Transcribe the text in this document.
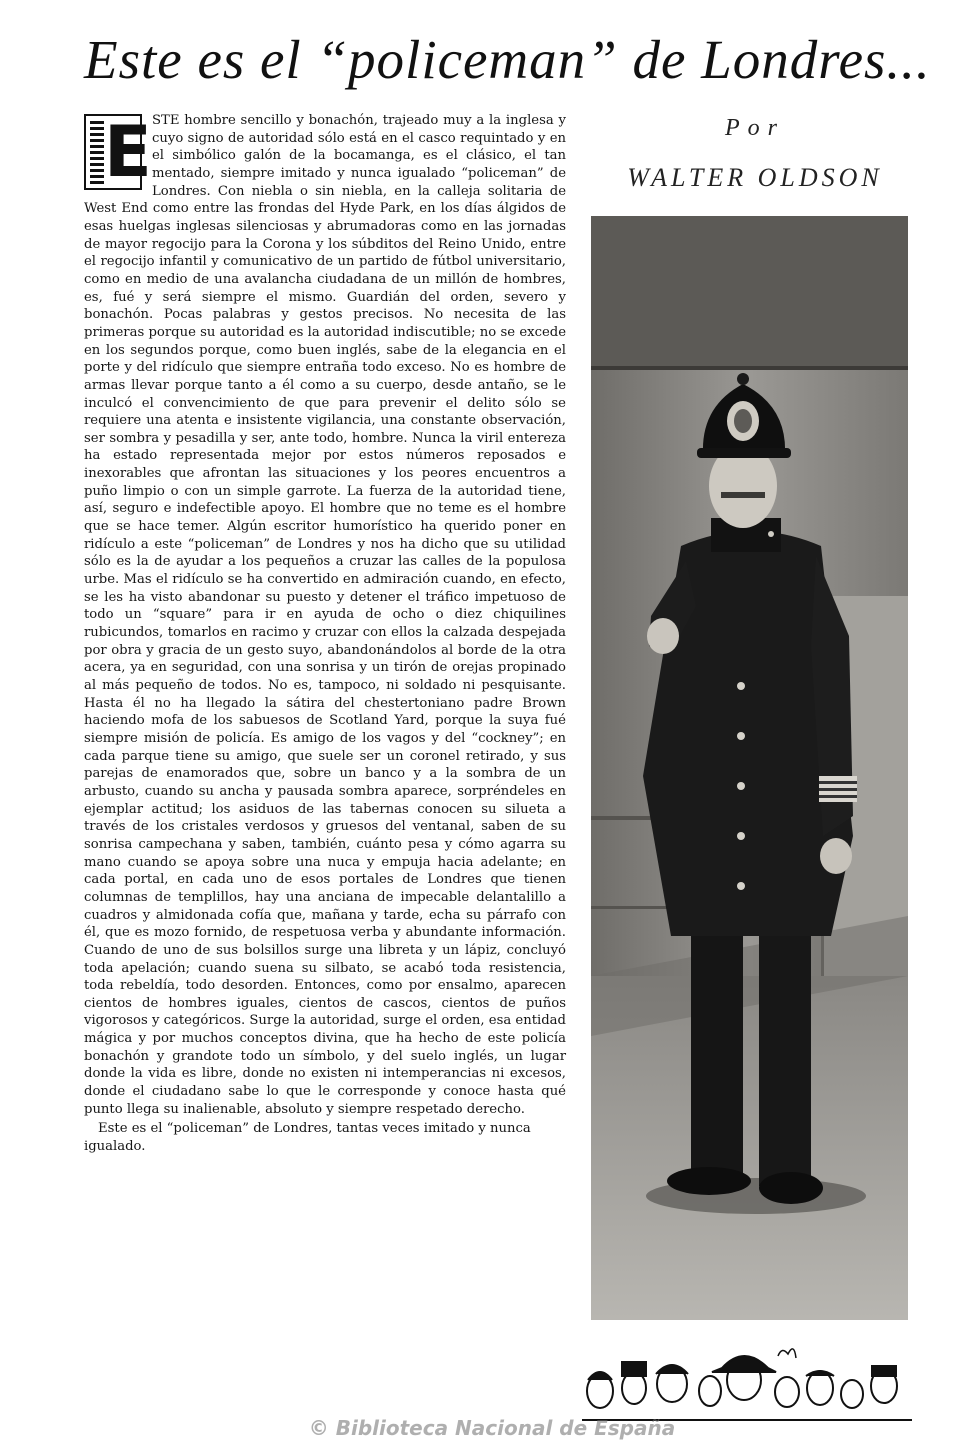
Este es el “policeman” de Londres...
Por
WALTER OLDSON
E STE hombre sencillo y bonachón, trajeado muy a la inglesa y cuyo signo de autoridad sólo está en el casco requintado y en el simbólico galón de la bocamanga, es el clásico, el tan mentado, siempre imitado y nunca igualado “policeman” de Londres. Con niebla o sin niebla, en la calleja solitaria de West End como entre las frondas del Hyde Park, en los días álgidos de esas huelgas inglesas silenciosas y abrumadoras como en las jornadas de mayor regocijo para la Corona y los súbditos del Reino Unido, entre el regocijo infantil y comunicativo de un partido de fútbol universitario, como en medio de una avalancha ciudadana de un millón de hombres, es, fué y será siempre el mismo. Guardián del orden, severo y bonachón. Pocas palabras y gestos precisos. No necesita de las primeras porque su autoridad es la autoridad indiscutible; no se excede en los segundos porque, como buen inglés, sabe de la elegancia en el porte y del ridículo que siempre entraña todo exceso. No es hombre de armas llevar porque tanto a él como a su cuerpo, desde antaño, se le inculcó el convencimiento de que para prevenir el delito sólo se requiere una atenta e insistente vigilancia, una constante observación, ser sombra y pesadilla y ser, ante todo, hombre. Nunca la viril entereza ha estado representada mejor por estos números reposados e inexorables que afrontan las situaciones y los peores encuentros a puño limpio o con un simple garrote. La fuerza de la autoridad tiene, así, seguro e indefectible apoyo. El hombre que no teme es el hombre que se hace temer. Algún escritor humorístico ha querido poner en ridículo a este “policeman” de Londres y nos ha dicho que su utilidad sólo es la de ayudar a los pequeños a cruzar las calles de la populosa urbe. Mas el ridículo se ha convertido en admiración cuando, en efecto, se les ha visto abandonar su puesto y detener el tráfico impetuoso de todo un “square” para ir en ayuda de ocho o diez chiquilines rubicundos, tomarlos en racimo y cruzar con ellos la calzada despejada por obra y gracia de un gesto suyo, abandonándolos al borde de la otra acera, ya en seguridad, con una sonrisa y un tirón de orejas propinado al más pequeño de todos. No es, tampoco, ni soldado ni pesquisante. Hasta él no ha llegado la sátira del chestertoniano padre Brown haciendo mofa de los sabuesos de Scotland Yard, porque la suya fué siempre misión de policía. Es amigo de los vagos y del “cockney”; en cada parque tiene su amigo, que suele ser un coronel retirado, y sus parejas de enamorados que, sobre un banco y a la sombra de un arbusto, cuando su ancha y pausada sombra aparece, sorpréndeles en ejemplar actitud; los asiduos de las tabernas conocen su silueta a través de los cristales verdosos y gruesos del ventanal, saben de su sonrisa campechana y saben, también, cuánto pesa y cómo agarra su mano cuando se apoya sobre una nuca y empuja hacia adelante; en cada portal, en cada uno de esos portales de Londres que tienen columnas de templillos, hay una anciana de impecable delantalillo a cuadros y almidonada cofía que, mañana y tarde, echa su párrafo con él, que es mozo fornido, de respetuosa verba y abundante información. Cuando de uno de sus bolsillos surge una libreta y un lápiz, concluyó toda apelación; cuando suena su silbato, se acabó toda resistencia, toda rebeldía, todo desorden. Entonces, como por ensalmo, aparecen cientos de hombres iguales, cientos de cascos, cientos de puños vigorosos y categóricos. Surge la autoridad, surge el orden, esa entidad mágica y por muchos conceptos divina, que ha hecho de este policía bonachón y grandote todo un símbolo, y del suelo inglés, un lugar donde la vida es libre, donde no existen ni intemperancias ni excesos, donde el ciudadano sabe lo que le corresponde y conoce hasta qué punto llega su inalienable, absoluto y siempre respetado derecho.

Este es el “policeman” de Londres, tantas veces imitado y nunca igualado.

© Biblioteca Nacional de España
